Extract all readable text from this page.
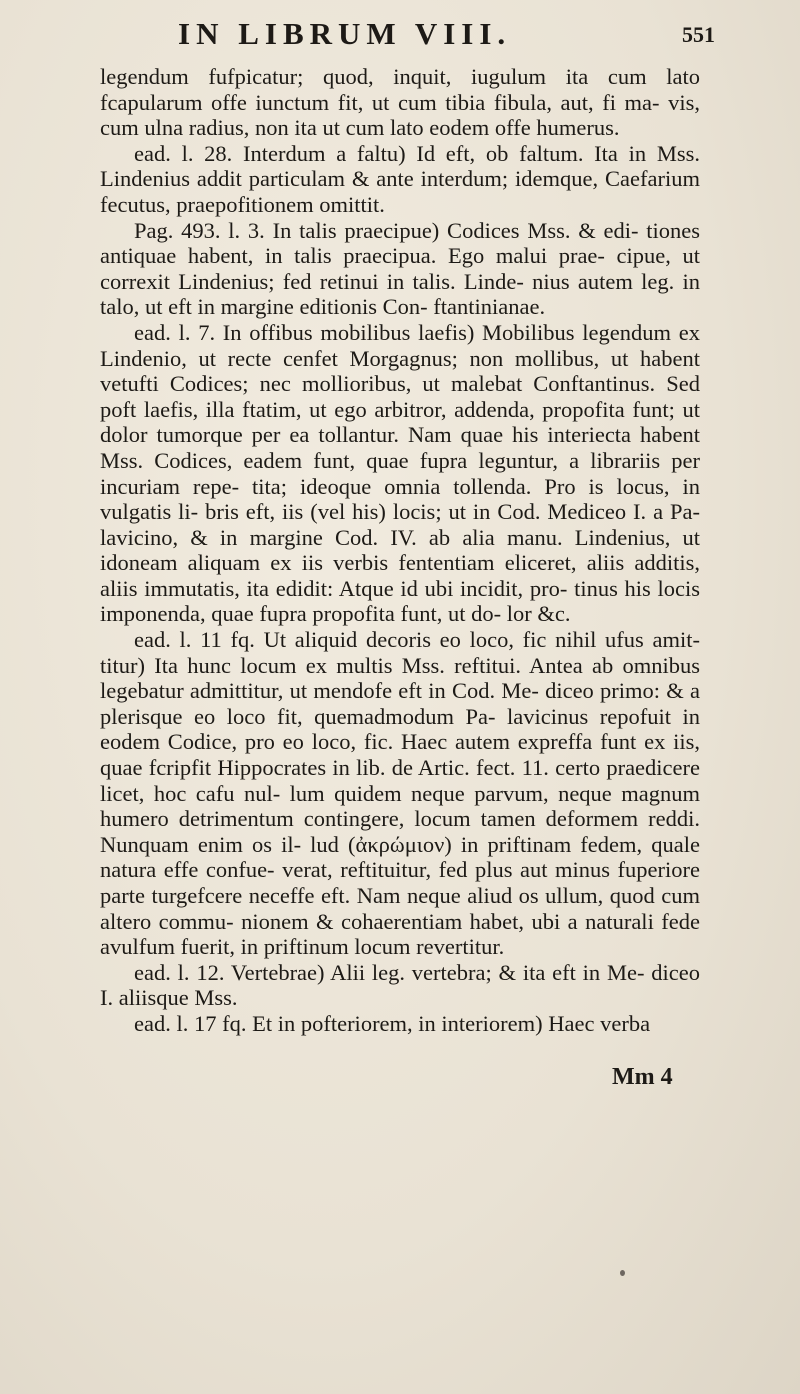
IN LIBRUM VIII.	551

legendum fufpicatur; quod, inquit, iugulum ita cum lato fcapularum offe iunctum fit, ut cum tibia fibula, aut, fi ma- vis, cum ulna radius, non ita ut cum lato eodem offe humerus.

ead. l. 28. Interdum a faltu) Id eft, ob faltum. Ita in Mss. Lindenius addit particulam & ante interdum; idemque, Caefarium fecutus, praepofitionem omittit.

Pag. 493. l. 3. In talis praecipue) Codices Mss. & edi- tiones antiquae habent, in talis praecipua. Ego malui prae- cipue, ut correxit Lindenius; fed retinui in talis. Linde- nius autem leg. in talo, ut eft in margine editionis Con- ftantinianae.

ead. l. 7. In offibus mobilibus laefis) Mobilibus legendum ex Lindenio, ut recte cenfet Morgagnus; non mollibus, ut habent vetufti Codices; nec mollioribus, ut malebat Conftantinus. Sed poft laefis, illa ftatim, ut ego arbitror, addenda, propofita funt; ut dolor tumorque per ea tollantur. Nam quae his interiecta habent Mss. Codices, eadem funt, quae fupra leguntur, a librariis per incuriam repe- tita; ideoque omnia tollenda. Pro is locus, in vulgatis li- bris eft, iis (vel his) locis; ut in Cod. Mediceo I. a Pa- lavicino, & in margine Cod. IV. ab alia manu. Lindenius, ut idoneam aliquam ex iis verbis fententiam eliceret, aliis additis, aliis immutatis, ita edidit: Atque id ubi incidit, pro- tinus his locis imponenda, quae fupra propofita funt, ut do- lor &c.

ead. l. 11 fq. Ut aliquid decoris eo loco, fic nihil ufus amit- titur) Ita hunc locum ex multis Mss. reftitui. Antea ab omnibus legebatur admittitur, ut mendofe eft in Cod. Me- diceo primo: & a plerisque eo loco fit, quemadmodum Pa- lavicinus repofuit in eodem Codice, pro eo loco, fic. Haec autem expreffa funt ex iis, quae fcripfit Hippocrates in lib. de Artic. fect. 11. certo praedicere licet, hoc cafu nul- lum quidem neque parvum, neque magnum humero detrimentum contingere, locum tamen deformem reddi. Nunquam enim os il- lud (ἀκρώμιον) in priftinam fedem, quale natura effe confue- verat, reftituitur, fed plus aut minus fuperiore parte turgefcere neceffe eft. Nam neque aliud os ullum, quod cum altero commu- nionem & cohaerentiam habet, ubi a naturali fede avulfum fuerit, in priftinum locum revertitur.

ead. l. 12. Vertebrae) Alii leg. vertebra; & ita eft in Me- diceo I. aliisque Mss.

ead. l. 17 fq. Et in pofteriorem, in interiorem) Haec verba

Mm 4
